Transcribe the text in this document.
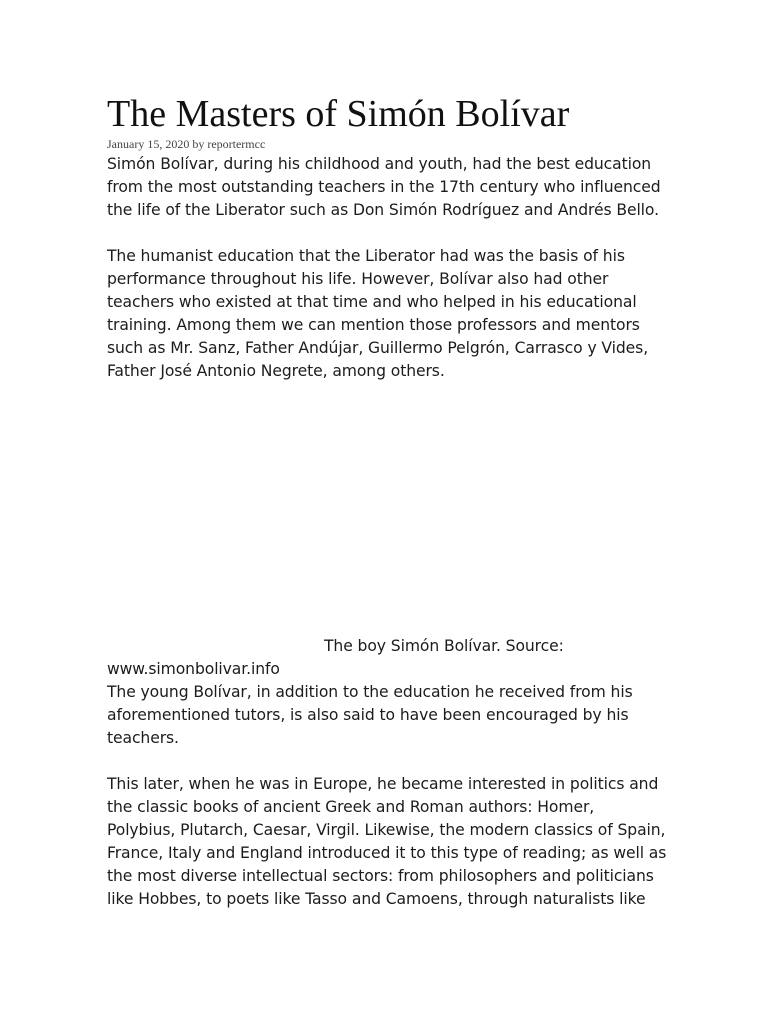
The Masters of Simón Bolívar
January 15, 2020 by reportermcc

Simón Bolívar, during his childhood and youth, had the best education from the most outstanding teachers in the 17th century who influenced the life of the Liberator such as Don Simón Rodríguez and Andrés Bello.

The humanist education that the Liberator had was the basis of his performance throughout his life. However, Bolívar also had other teachers who existed at that time and who helped in his educational training. Among them we can mention those professors and mentors such as Mr. Sanz, Father Andújar, Guillermo Pelgrón, Carrasco y Vides, Father José Antonio Negrete, among others.

The boy Simón Bolívar. Source: www.simonbolivar.info

The young Bolívar, in addition to the education he received from his aforementioned tutors, is also said to have been encouraged by his teachers.

This later, when he was in Europe, he became interested in politics and the classic books of ancient Greek and Roman authors: Homer, Polybius, Plutarch, Caesar, Virgil. Likewise, the modern classics of Spain, France, Italy and England introduced it to this type of reading; as well as the most diverse intellectual sectors: from philosophers and politicians like Hobbes, to poets like Tasso and Camoens, through naturalists like
